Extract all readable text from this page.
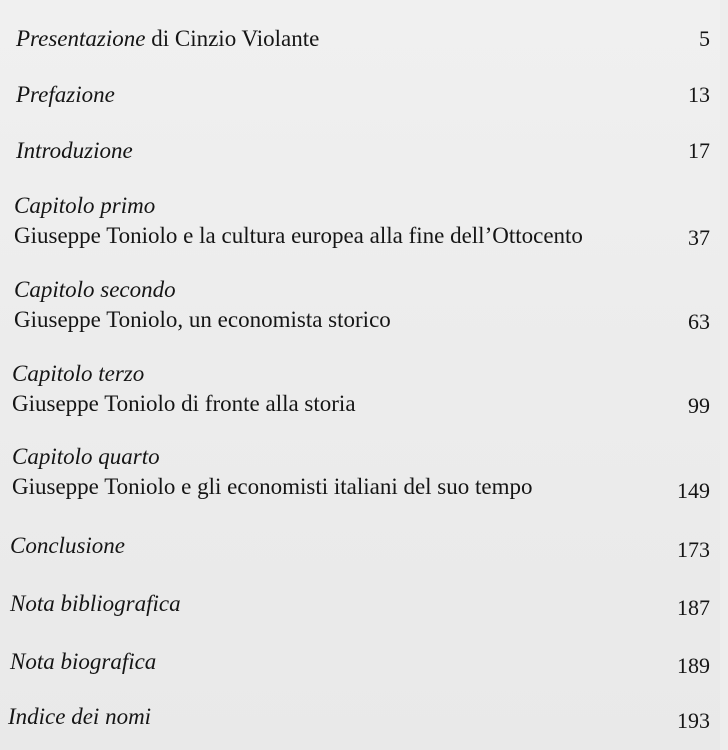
Presentazione di Cinzio Violante	5
Prefazione	13
Introduzione	17
Capitolo primo
Giuseppe Toniolo e la cultura europea alla fine dell’Ottocento	37
Capitolo secondo
Giuseppe Toniolo, un economista storico	63
Capitolo terzo
Giuseppe Toniolo di fronte alla storia	99
Capitolo quarto
Giuseppe Toniolo e gli economisti italiani del suo tempo	149
Conclusione	173
Nota bibliografica	187
Nota biografica	189
Indice dei nomi	193
